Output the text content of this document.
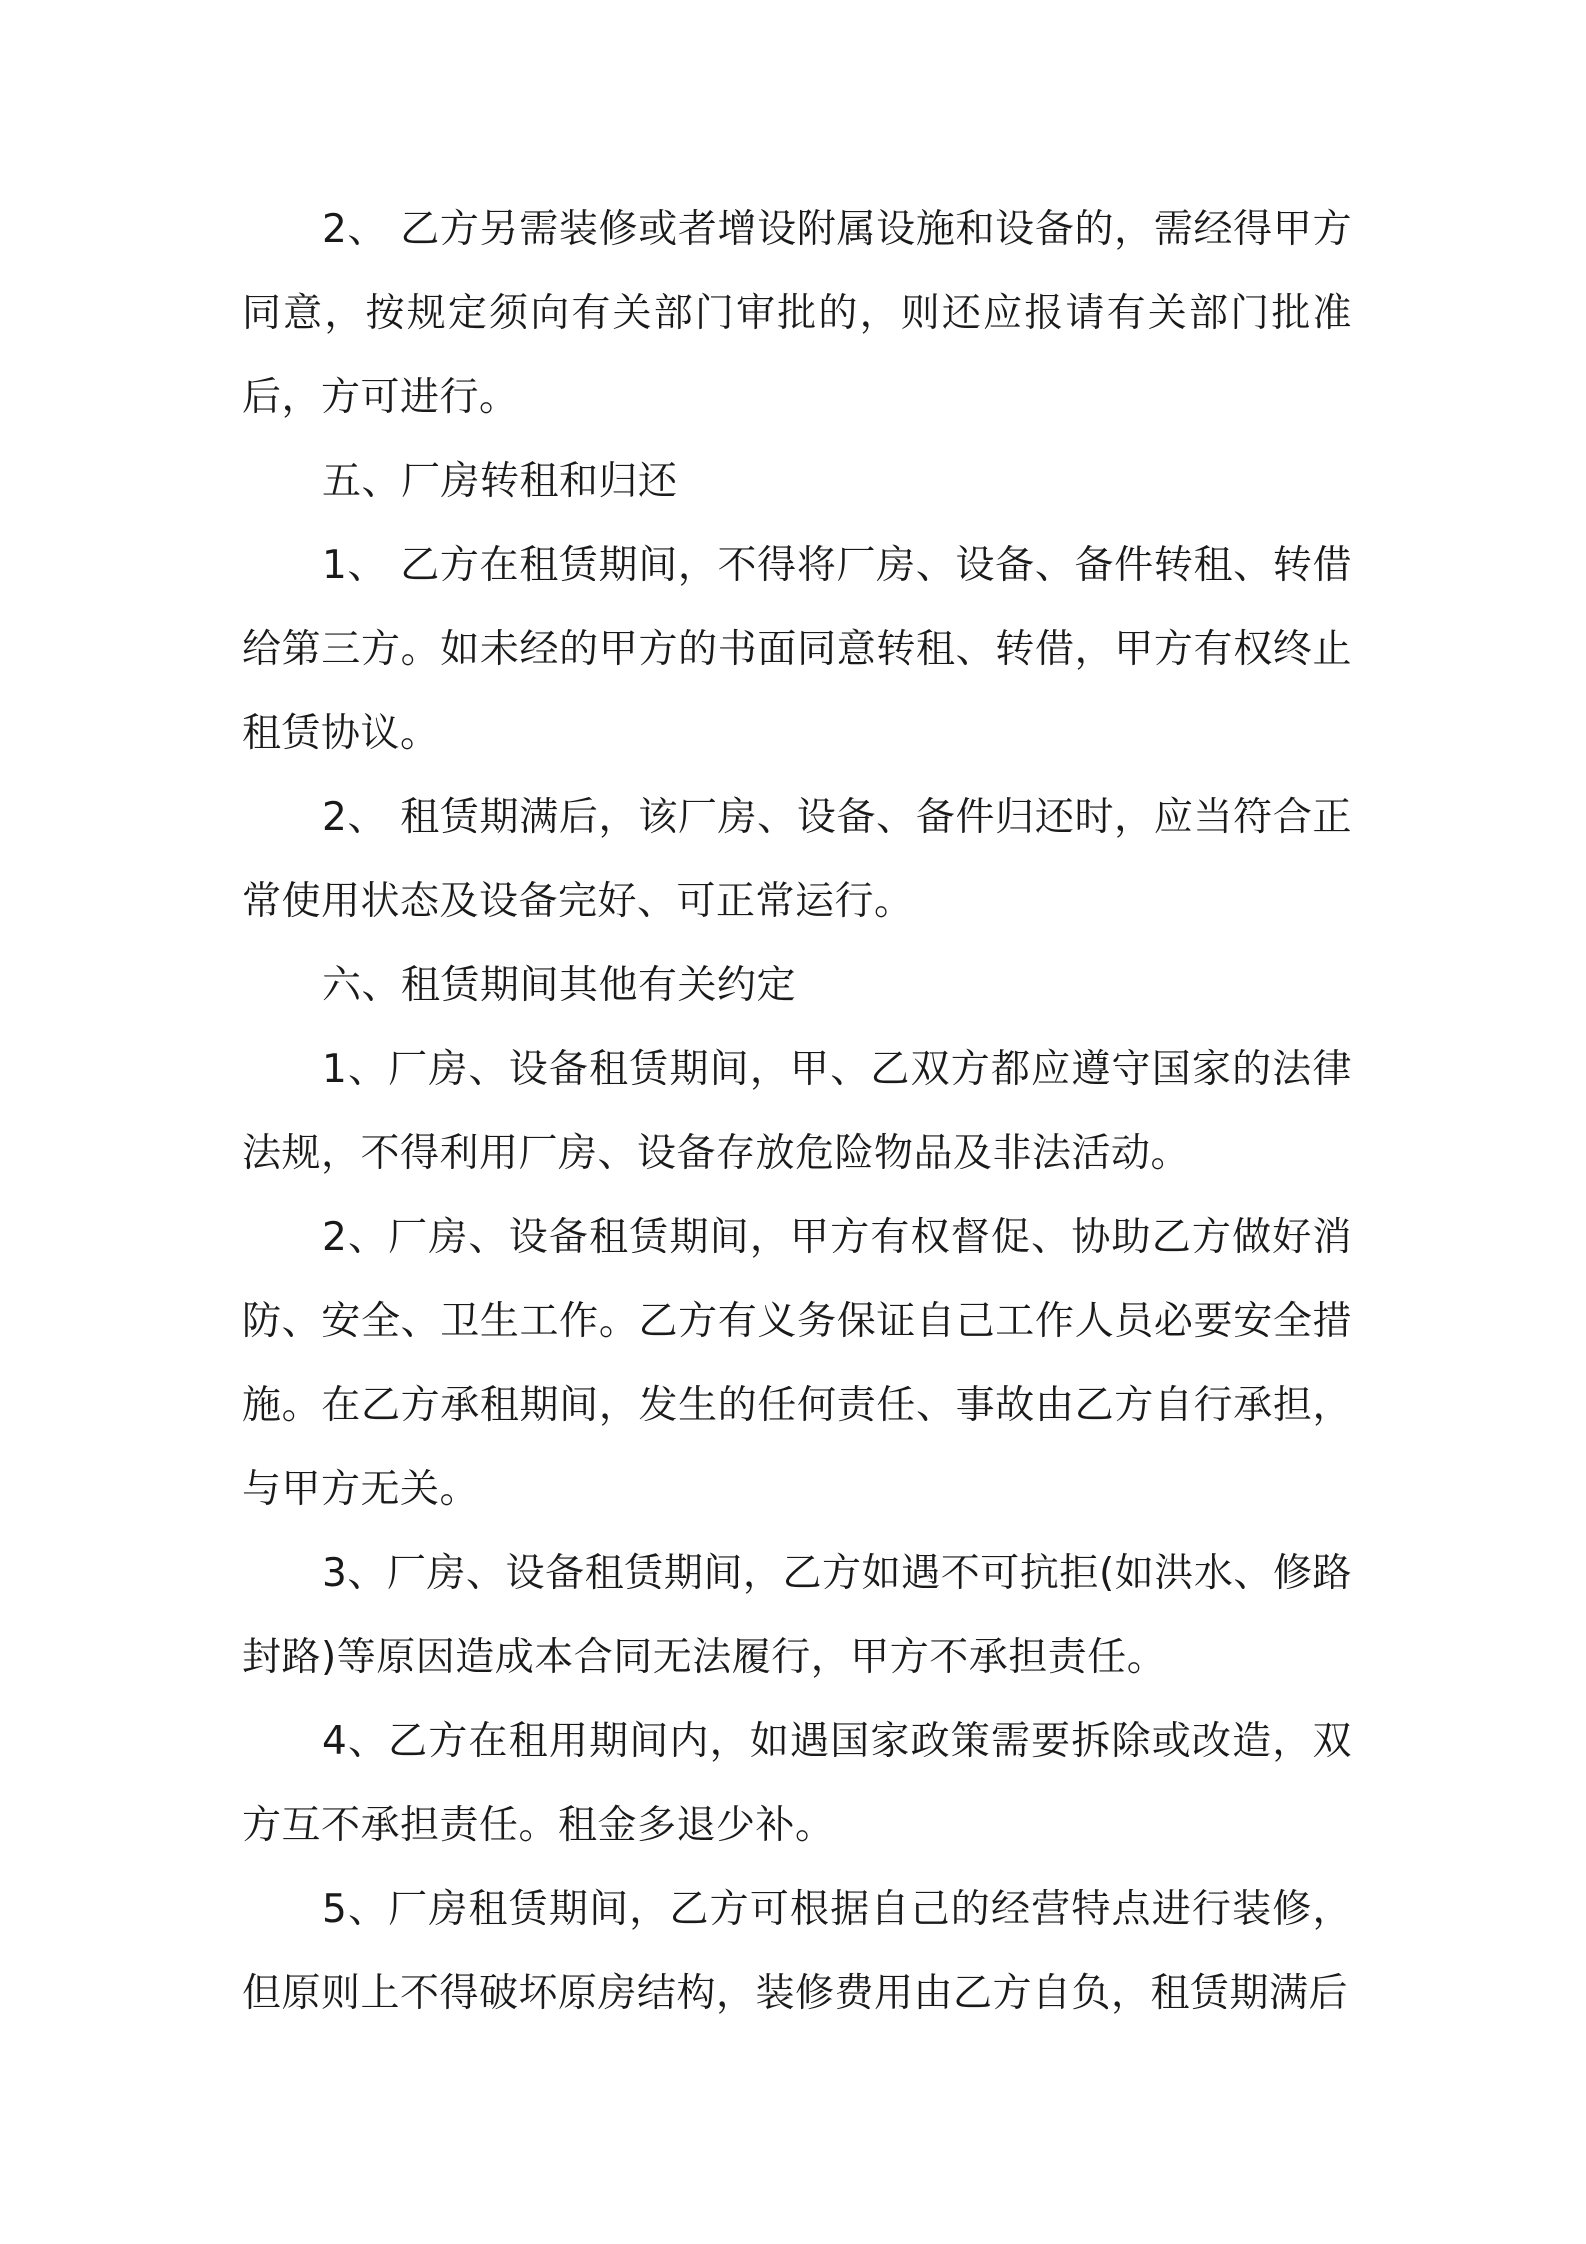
2、 乙方另需装修或者增设附属设施和设备的，需经得甲方同意，按规定须向有关部门审批的，则还应报请有关部门批准后，方可进行。

五、厂房转租和归还

1、 乙方在租赁期间，不得将厂房、设备、备件转租、转借给第三方。如未经的甲方的书面同意转租、转借，甲方有权终止租赁协议。

2、 租赁期满后，该厂房、设备、备件归还时，应当符合正常使用状态及设备完好、可正常运行。

六、租赁期间其他有关约定

1、厂房、设备租赁期间，甲、乙双方都应遵守国家的法律法规，不得利用厂房、设备存放危险物品及非法活动。

2、厂房、设备租赁期间，甲方有权督促、协助乙方做好消防、安全、卫生工作。乙方有义务保证自己工作人员必要安全措施。在乙方承租期间，发生的任何责任、事故由乙方自行承担，与甲方无关。

3、厂房、设备租赁期间，乙方如遇不可抗拒(如洪水、修路封路)等原因造成本合同无法履行，甲方不承担责任。

4、乙方在租用期间内，如遇国家政策需要拆除或改造，双方互不承担责任。租金多退少补。

5、厂房租赁期间，乙方可根据自己的经营特点进行装修，但原则上不得破坏原房结构，装修费用由乙方自负，租赁期满后
